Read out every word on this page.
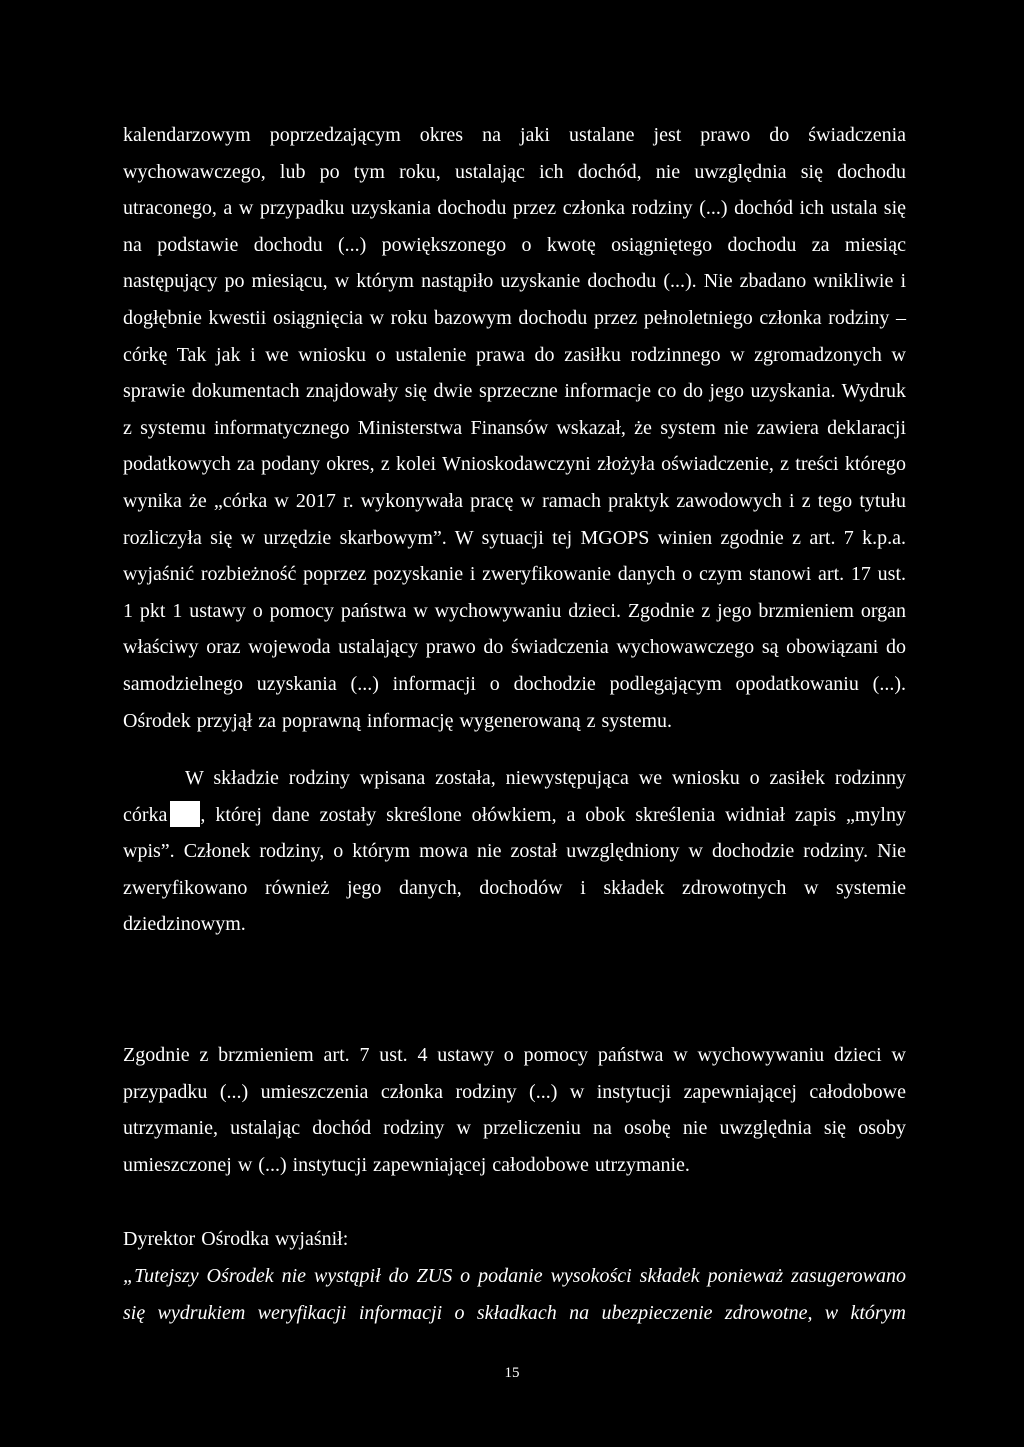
kalendarzowym poprzedzającym okres na jaki ustalane jest prawo do świadczenia wychowawczego, lub po tym roku, ustalając ich dochód, nie uwzględnia się dochodu utraconego, a w przypadku uzyskania dochodu przez członka rodziny (...) dochód ich ustala się na podstawie dochodu (...) powiększonego o kwotę osiągniętego dochodu za miesiąc następujący po miesiącu, w którym nastąpiło uzyskanie dochodu (...). Nie zbadano wnikliwie i dogłębnie kwestii osiągnięcia w roku bazowym dochodu przez pełnoletniego członka rodziny – córkę Tak jak i we wniosku o ustalenie prawa do zasiłku rodzinnego w zgromadzonych w sprawie dokumentach znajdowały się dwie sprzeczne informacje co do jego uzyskania. Wydruk z systemu informatycznego Ministerstwa Finansów wskazał, że system nie zawiera deklaracji podatkowych za podany okres, z kolei Wnioskodawczyni złożyła oświadczenie, z treści którego wynika że „córka w 2017 r. wykonywała pracę w ramach praktyk zawodowych i z tego tytułu rozliczyła się w urzędzie skarbowym”. W sytuacji tej MGOPS winien zgodnie z art. 7 k.p.a. wyjaśnić rozbieżność poprzez pozyskanie i zweryfikowanie danych o czym stanowi art. 17 ust. 1 pkt 1 ustawy o pomocy państwa w wychowywaniu dzieci. Zgodnie z jego brzmieniem organ właściwy oraz wojewoda ustalający prawo do świadczenia wychowawczego są obowiązani do samodzielnego uzyskania (...) informacji o dochodzie podlegającym opodatkowaniu (...). Ośrodek przyjął za poprawną informację wygenerowaną z systemu.

W składzie rodziny wpisana została, niewystępująca we wniosku o zasiłek rodzinny córka , której dane zostały skreślone ołówkiem, a obok skreślenia widniał zapis „mylny wpis”. Członek rodziny, o którym mowa nie został uwzględniony w dochodzie rodziny. Nie zweryfikowano również jego danych, dochodów i składek zdrowotnych w systemie dziedzinowym.

Zgodnie z brzmieniem art. 7 ust. 4 ustawy o pomocy państwa w wychowywaniu dzieci w przypadku (...) umieszczenia członka rodziny (...) w instytucji zapewniającej całodobowe utrzymanie, ustalając dochód rodziny w przeliczeniu na osobę nie uwzględnia się osoby umieszczonej w (...) instytucji zapewniającej całodobowe utrzymanie.

Dyrektor Ośrodka wyjaśnił:

„Tutejszy Ośrodek nie wystąpił do ZUS o podanie wysokości składek ponieważ zasugerowano się wydrukiem weryfikacji informacji o składkach na ubezpieczenie zdrowotne, w którym

15
